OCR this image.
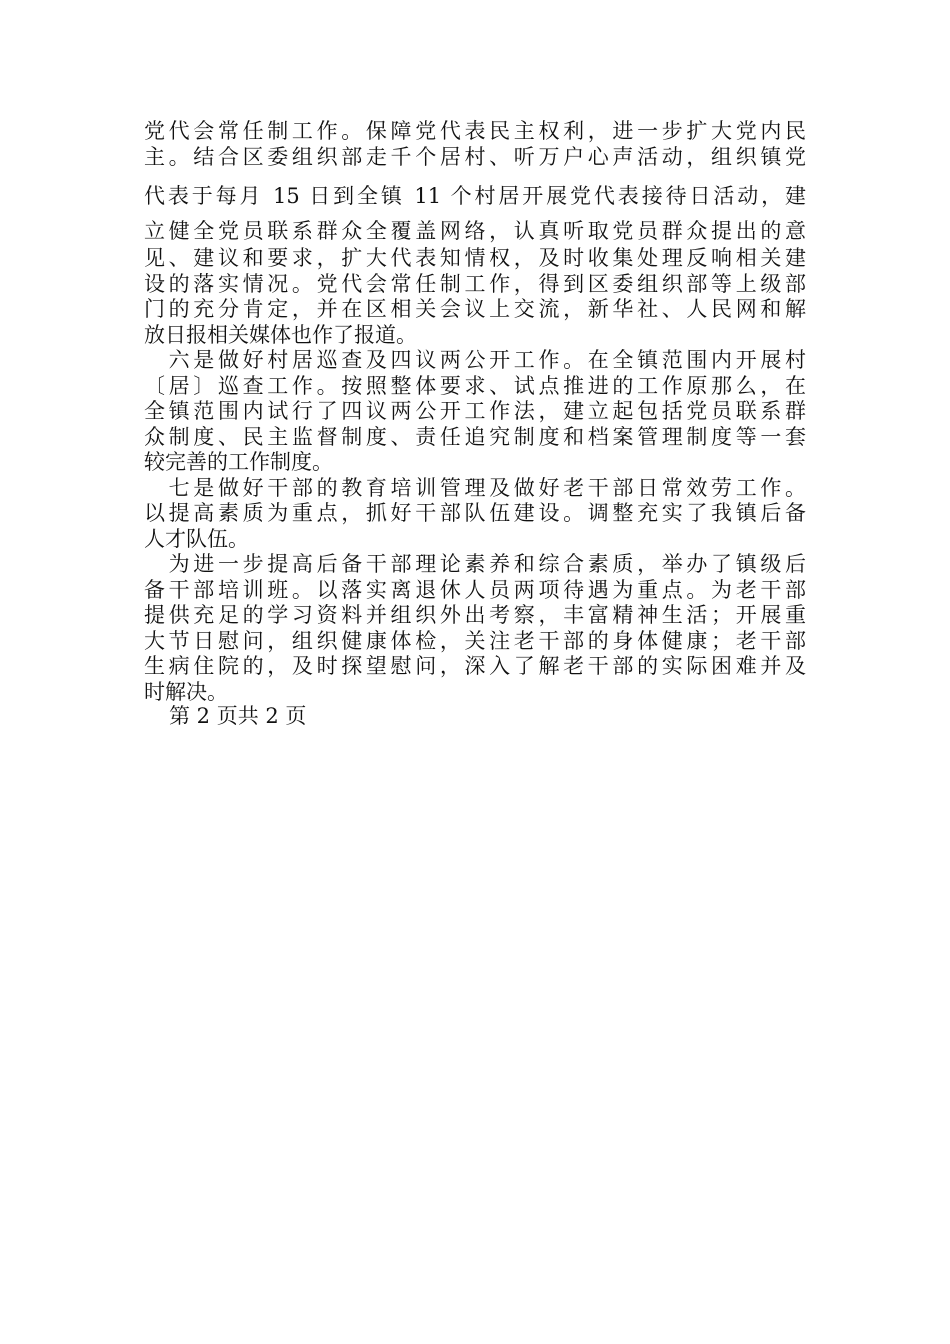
党代会常任制工作。保障党代表民主权利，进一步扩大党内民
主。结合区委组织部走千个居村、听万户心声活动，组织镇党
代表于每月 15 日到全镇 11 个村居开展党代表接待日活动，建
立健全党员联系群众全覆盖网络，认真听取党员群众提出的意
见、建议和要求，扩大代表知情权，及时收集处理反响相关建
设的落实情况。党代会常任制工作，得到区委组织部等上级部
门的充分肯定，并在区相关会议上交流，新华社、人民网和解
放日报相关媒体也作了报道。
　六是做好村居巡查及四议两公开工作。在全镇范围内开展村
〔居〕巡查工作。按照整体要求、试点推进的工作原那么，在
全镇范围内试行了四议两公开工作法，建立起包括党员联系群
众制度、民主监督制度、责任追究制度和档案管理制度等一套
较完善的工作制度。
　七是做好干部的教育培训管理及做好老干部日常效劳工作。
以提高素质为重点，抓好干部队伍建设。调整充实了我镇后备
人才队伍。
　为进一步提高后备干部理论素养和综合素质，举办了镇级后
备干部培训班。以落实离退休人员两项待遇为重点。为老干部
提供充足的学习资料并组织外出考察，丰富精神生活；开展重
大节日慰问，组织健康体检，关注老干部的身体健康；老干部
生病住院的，及时探望慰问，深入了解老干部的实际困难并及
时解决。
第 2 页共 2 页
